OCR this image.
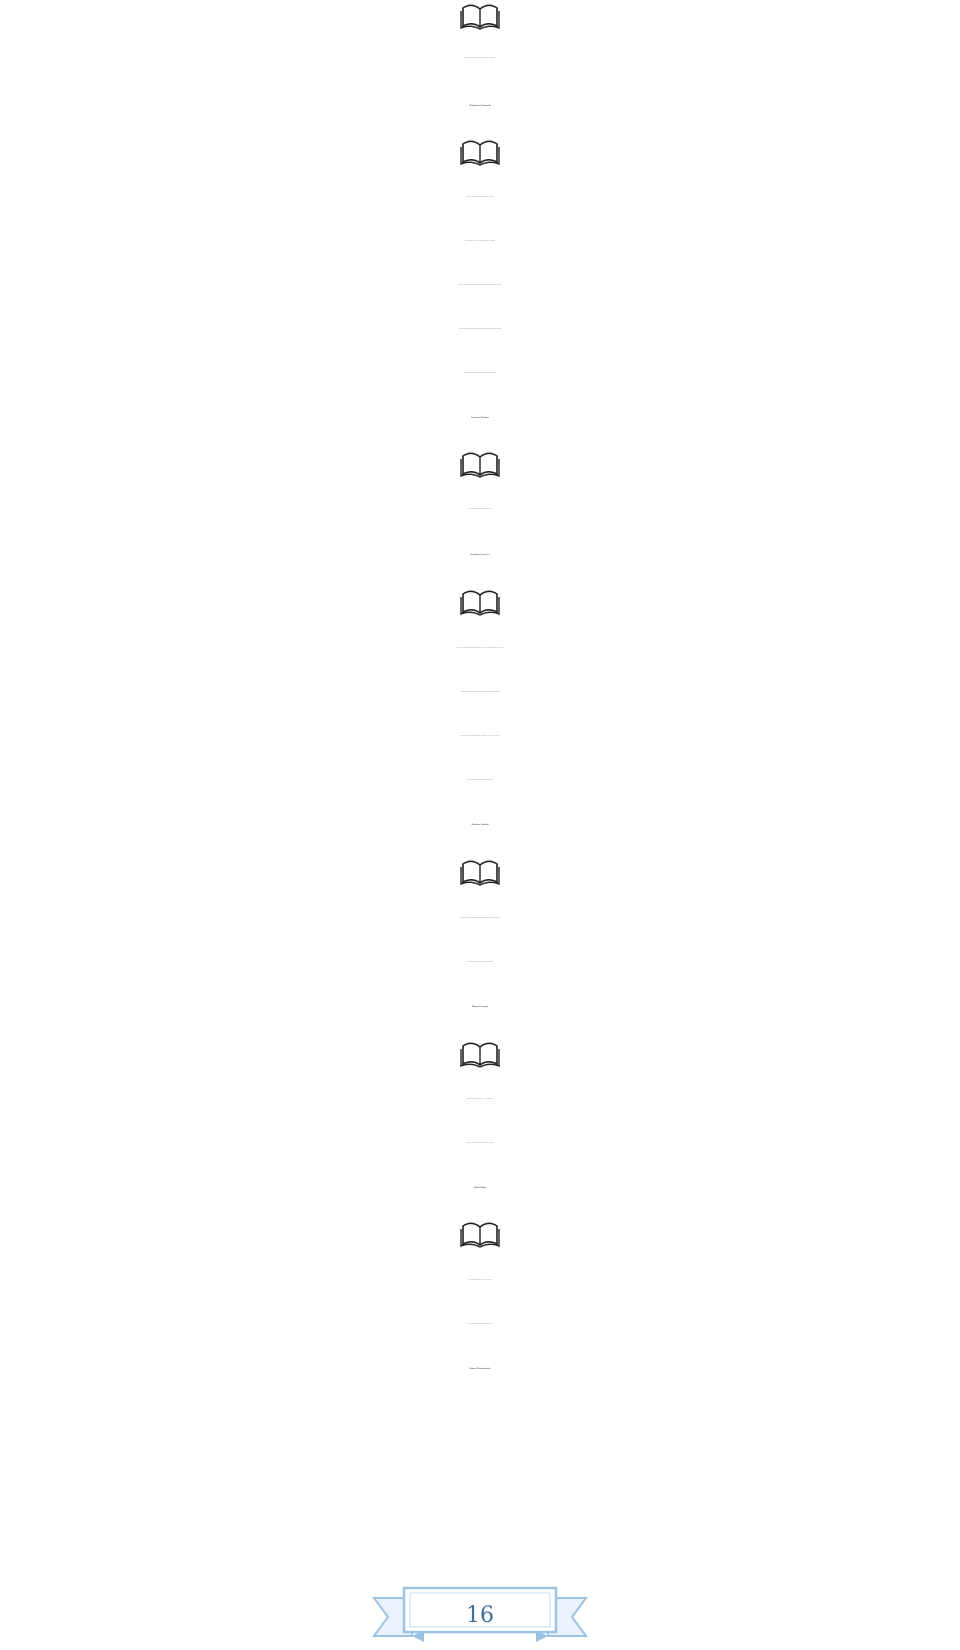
Dzieje ludzkie są dziejami postępu, a książka jego dźwignią.
Władysław Kozłowski
Dzieła sztuki ciągle żywe w pamięci ludzkiej, to książki,
które wypowiedziały pełny dramat człowieczego bytowania,
dzieła, których twórcy nie zamykali oczu na oczywistość beznadziejnego osamotnienia,
w którym każdy z nas musi stawiać czoło swemu przeznaczeniu aż do chwili śmierci,
tej samotności ostatniej, bo ostatecznie będziemy umierać sami.
Francois Mauriac
Dzieło mówi samo za siebie, jeśli ma do kogo.
Stanisław Jerzy Lec
Dzięki książce nie potrzebujemy życia rozpoczynać na nowo i mozolnie wydzierać przyrodzie
i historii każdą ich prawdę, ale przychodzimy, jak wybrańcy losu, do gotowego,
zasiadamy do stołu, obficie zastawionego, i możemy z niego brać, ile chcemy,
wedle własnego smaku i wedle własnych upodobań.
Zdzisław Dębicki
Epoka nasza – przywraca książce jej prawdziwe znaczenie, które polega na tym,
by była ona nie pomnikiem, lecz środkiem przekazu.
Robert Escarpit
Garnijcie się do czytania książek […] i zapamiętajcie,
że chłop bez oświaty jest prawdziwym kołkiem w płocie.
Jakub Bojko
Gdy dziecku dajesz książkę, zbroisz jego serce,
A duszy, jak ptakowi, świetne przypniesz skrzydła.
Kornel Makuszyński
16
